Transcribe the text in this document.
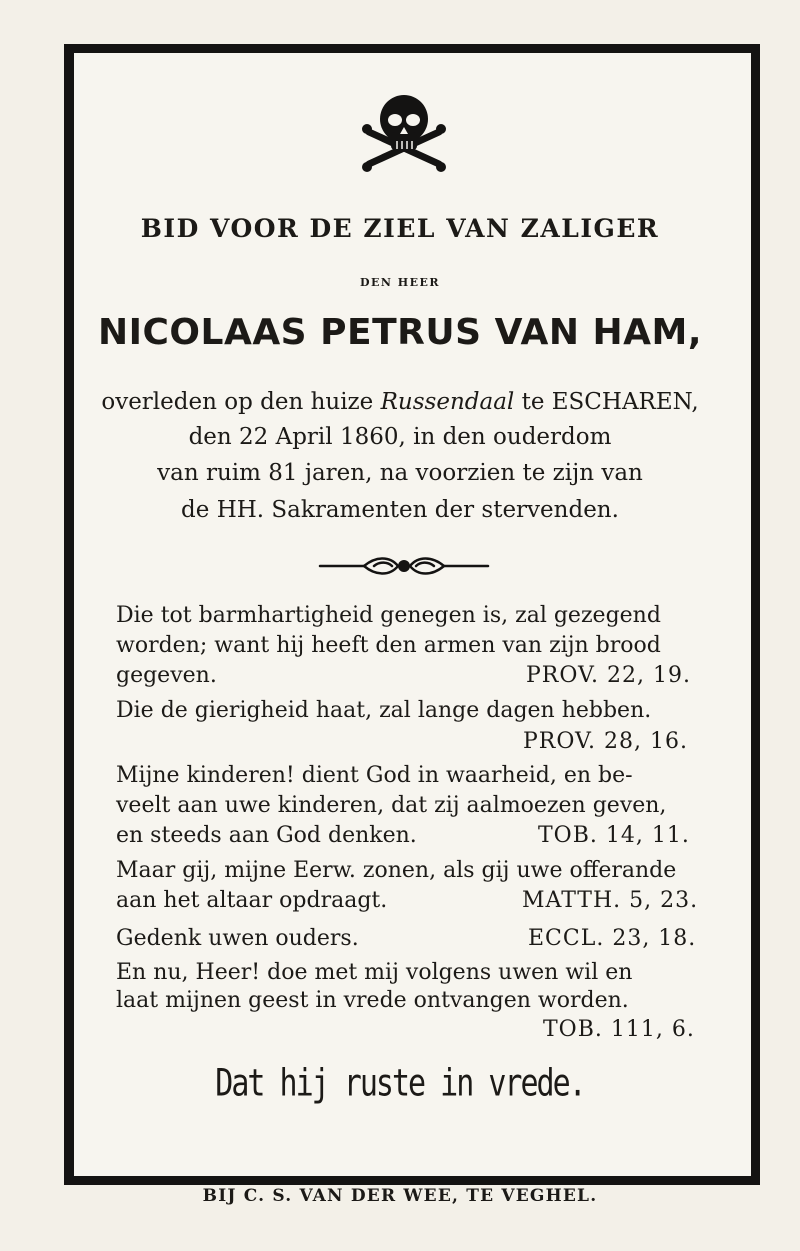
BID VOOR DE ZIEL VAN ZALIGER
DEN HEER
NICOLAAS PETRUS VAN HAM,
overleden op den huize Russendaal te ESCHAREN,
den 22 April 1860, in den ouderdom
van ruim 81 jaren, na voorzien te zijn van
de HH. Sakramenten der stervenden.
Die tot barmhartigheid genegen is, zal gezegend
worden; want hij heeft den armen van zijn brood
gegeven.	PROV. 22, 19.
Die de gierigheid haat, zal lange dagen hebben.
PROV. 28, 16.
Mijne kinderen! dient God in waarheid, en be-
veelt aan uwe kinderen, dat zij aalmoezen geven,
en steeds aan God denken.	TOB. 14, 11.
Maar gij, mijne Eerw. zonen, als gij uwe offerande
aan het altaar opdraagt.	MATTH. 5, 23.
Gedenk uwen ouders.	ECCL. 23, 18.
En nu, Heer! doe met mij volgens uwen wil en
laat mijnen geest in vrede ontvangen worden.
TOB. 111, 6.
Dat hij ruste in vrede.
BIJ C. S. VAN DER WEE, TE VEGHEL.
